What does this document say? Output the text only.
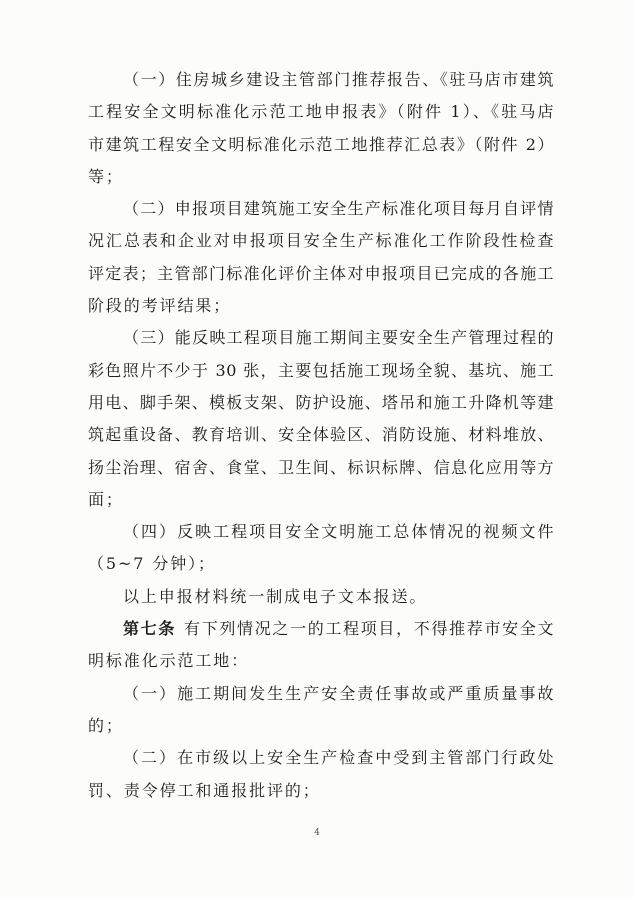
（一）住房城乡建设主管部门推荐报告、《驻马店市建筑
工程安全文明标准化示范工地申报表》（附件 1）、《驻马店
市建筑工程安全文明标准化示范工地推荐汇总表》（附件 2）
等；
（二）申报项目建筑施工安全生产标准化项目每月自评情
况汇总表和企业对申报项目安全生产标准化工作阶段性检查
评定表；主管部门标准化评价主体对申报项目已完成的各施工
阶段的考评结果；
（三）能反映工程项目施工期间主要安全生产管理过程的
彩色照片不少于 30 张，主要包括施工现场全貌、基坑、施工
用电、脚手架、模板支架、防护设施、塔吊和施工升降机等建
筑起重设备、教育培训、安全体验区、消防设施、材料堆放、
扬尘治理、宿舍、食堂、卫生间、标识标牌、信息化应用等方
面；
（四）反映工程项目安全文明施工总体情况的视频文件
（5~7 分钟）；
以上申报材料统一制成电子文本报送。
第七条 有下列情况之一的工程项目，不得推荐市安全文
明标准化示范工地：
（一）施工期间发生生产安全责任事故或严重质量事故
的；
（二）在市级以上安全生产检查中受到主管部门行政处
罚、责令停工和通报批评的；
4
